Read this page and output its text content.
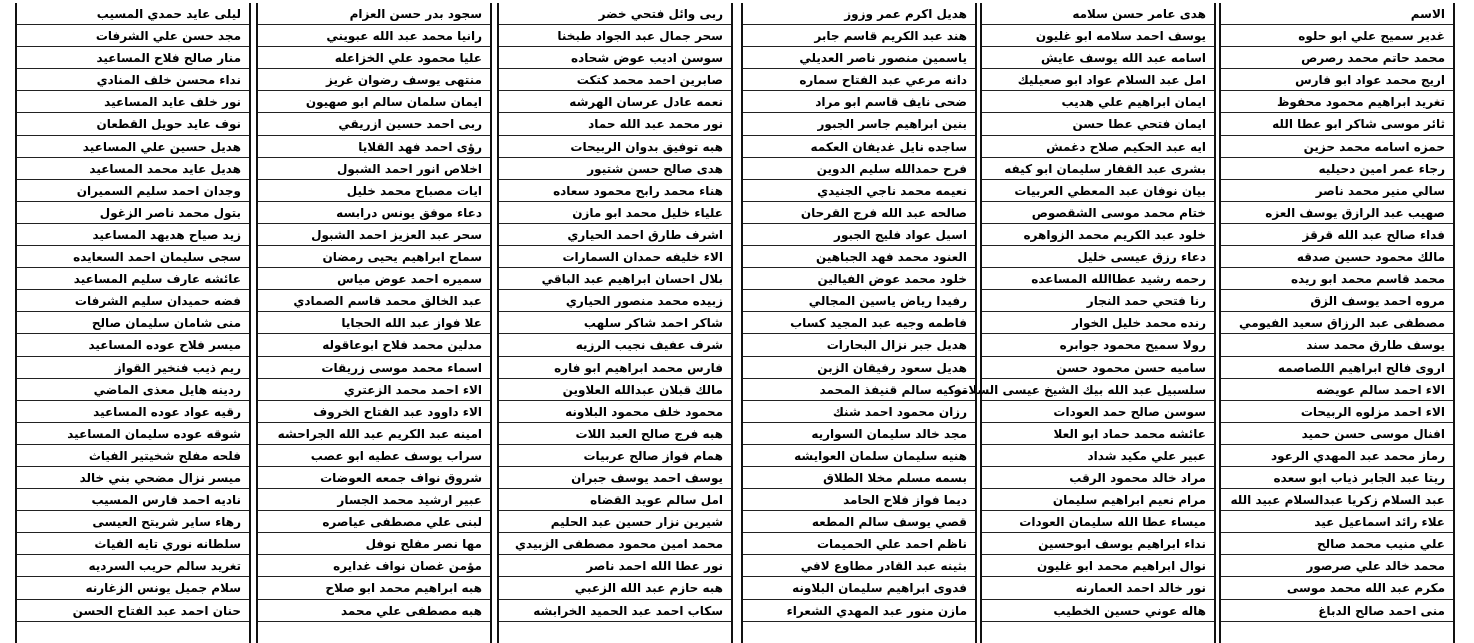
الاسم
غدير سميح علي ابو حلوه
محمد حاتم محمد رصرص
اريج محمد عواد ابو فارس
تغريد ابراهيم محمود محفوظ
ثائر موسى شاكر ابو عطا الله
حمزه اسامه محمد حزين
رجاء عمر امين دحيليه
سالي منير محمد ناصر
صهيب عبد الرازق يوسف العزه
فداء صالح عبد الله قرقز
مالك محمود حسين صدقه
محمد قاسم محمد ابو ريده
مروه احمد يوسف الزق
مصطفى عبد الرزاق سعيد الفيومي
يوسف طارق محمد سند
اروى فالح ابراهيم اللصاصمه
الاء احمد سالم عويضه
الاء احمد مزلوه الربيحات
افنال موسى حسن حميد
رماز محمد عبد المهدي الرعود
ريتا عبد الجابر ذياب ابو سعده
عبد السلام زكريا عبدالسلام عبيد الله
علاء رائد اسماعيل عيد
علي منيب محمد صالح
محمد خالد علي صرصور
مكرم عبد الله محمد موسى
منى احمد صالح الدباغ
هدى عامر حسن سلامه
يوسف احمد سلامه ابو غليون
اسامه عبد الله يوسف عايش
امل عبد السلام عواد ابو صعيليك
ايمان ابراهيم علي هديب
ايمان فتحي عطا حسن
ايه عبد الحكيم صلاح دغمش
بشرى عبد القفار سليمان ابو كيفه
بيان نوفان عبد المعطي العربيات
ختام محمد موسى الشقصوص
خلود عبد الكريم محمد الزواهره
دعاء رزق عيسى خليل
رحمه رشيد عطاالله المساعده
رنا فتحي حمد النجار
رنده محمد خليل الخوار
رولا سميح محمود جوابره
ساميه حسن محمود حسن
سلسبيل عبد الله بيك الشيخ عيسى السلامه
سوسن صالح حمد العودات
عائشه محمد حماد ابو العلا
عبير علي مكيد شداد
مراد خالد محمود الرقب
مرام نعيم ابراهيم سليمان
ميساء عطا الله سليمان العودات
نداء ابراهيم يوسف ابوحسين
نوال ابراهيم محمد ابو غليون
نور خالد احمد العمارنه
هاله عوني حسين الخطيب
هديل اكرم عمر وزوز
هند عبد الكريم قاسم جابر
ياسمين منصور ناصر العديلي
دانه مرعي عبد الفتاح سماره
ضحى نايف قاسم ابو مراد
بنين ابراهيم جاسر الجبور
ساجده نايل غديفان العكمه
فرح حمدالله سليم الدوين
نعيمه محمد ناجي الجنيدي
صالحه عبد الله فرج القرحان
اسيل عواد فليج الجبور
العنود محمد فهد الجباهين
خلود محمد عوض الفيالين
رفيدا رياض ياسين المجالي
فاطمه وجيه عبد المجيد كساب
هديل جبر نزال البحارات
هديل سعود رفيقان الزبن
تركيه سالم قنيفذ المحمد
رزان محمود احمد شنك
مجد خالد سليمان السواريه
هنيه سليمان سلمان العوايشه
بسمه مسلم مخلا الطلاق
ديما فواز فلاح الحامد
قصي يوسف سالم المطعه
ناظم احمد علي الحميمات
بثينه عبد القادر مطاوع لافي
فدوى ابراهيم سليمان البلاونه
مازن منور عبد المهدي الشعراء
ربى وائل فتحي خضر
سحر جمال عبد الجواد طبخنا
سوسن اديب عوض شحاده
صابرين احمد محمد كتكت
نعمه عادل عرسان الهرشه
نور محمد عبد الله حماد
هبه توفيق بدوان الربيحات
هدى صالح حسن شتيور
هناء محمد رابح محمود سعاده
علياء خليل محمد ابو مازن
اشرف طارق احمد الحياري
الاء خليفه حمدان السمارات
بلال احسان ابراهيم عبد الباقي
زبيده محمد منصور الحياري
شاكر احمد شاكر سلهب
شرف عفيف نجيب الرزيه
فارس محمد ابراهيم ابو فاره
مالك قبلان عبدالله العلاوين
محمود خلف محمود البلاونه
هبه فرج صالح العبد اللات
همام فواز صالح عربيات
يوسف احمد يوسف جبران
امل سالم عويد القضاه
شيرين نزار حسين عبد الحليم
محمد امين محمود مصطفى الزبيدي
نور عطا الله احمد ناصر
هبه حازم عبد الله الزعبي
سكاب احمد عبد الحميد الخرابشه
سجود بدر حسن العزام
رانيا محمد عبد الله عبويني
عليا محمود علي الخزاعله
منتهى يوسف رضوان غريز
ايمان سلمان سالم ابو صهيون
ربى احمد حسين ازريقي
رؤى احمد فهد القلايا
اخلاص انور احمد الشبول
ايات مصباح محمد خليل
دعاء موفق يونس درابسه
سحر عبد العزيز احمد الشبول
سماح ابراهيم يحيى رمضان
سميره احمد عوض مياس
عبد الخالق محمد قاسم الصمادي
علا فواز عبد الله الحجايا
مدلين محمد فلاح ابوعاقوله
اسماء محمد موسى زريقات
الاء احمد محمد الزعتري
الاء داوود عبد الفتاح الخروف
امينه عبد الكريم عبد الله الجراحشه
سراب يوسف عطيه ابو عصب
شروق نواف جمعه العوضات
عبير ارشيد محمد الجسار
لبنى علي مصطفى عياصره
مها نصر مفلح نوفل
مؤمن غصان نواف غدايره
هبه ابراهيم محمد ابو صلاح
هبه مصطفى علي محمد
ليلى عايد حمدي المسيب
مجد حسن علي الشرفات
منار صالح فلاح المساعيد
نداء محسن خلف المنادي
نور خلف عايد المساعيد
نوف عايد حويل القطعان
هديل حسين علي المساعيد
هديل عايد محمد المساعيد
وجدان احمد سليم السميران
بتول محمد ناصر الزغول
زيد صياح هديهد المساعيد
سجى سليمان احمد السعايده
عائشه عارف سليم المساعيد
فضه حميدان سليم الشرفات
منى شامان سليمان صالح
ميسر فلاح عوده المساعيد
ريم ذيب فنخير القواز
ردينه هايل معذى الماضي
رقيه عواد عوده المساعيد
شوقه عوده سليمان المساعيد
فلحه مفلح شخيتير الفياث
ميسر نزال مضحي بني خالد
ناديه احمد فارس المسيب
رهاء ساير شريتح العيسى
سلطانه نوري تايه الفياث
تغريد سالم حريب السرديه
سلام جميل يونس الزغارنه
حنان احمد عبد الفتاح الحسن
